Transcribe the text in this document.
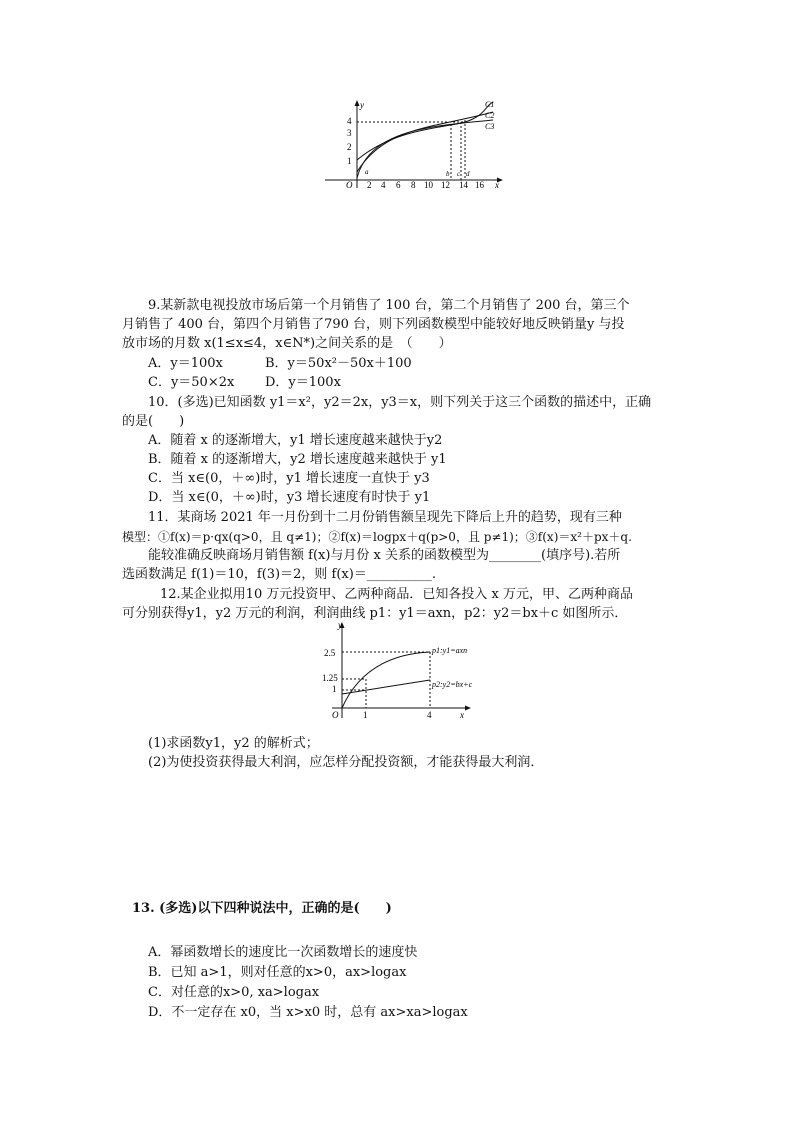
y
x
O
1
2
3
4
2 4 6 8 10 12 14 16
C1
C2
C3
a	b c d
9.某新款电视投放市场后第一个月销售了 100 台，第二个月销售了 200 台，第三个
月销售了 400 台，第四个月销售了790 台，则下列函数模型中能较好地反映销量y 与投
放市场的月数 x(1≤x≤4，x∈N*)之间关系的是　（　　）
A．y＝100x	B．y＝50x²－50x＋100
C．y＝50×2x D．y＝100x
10．(多选)已知函数 y1＝x²，y2＝2x，y3＝x，则下列关于这三个函数的描述中，正确
的是(　　)
A．随着 x 的逐渐增大，y1 增长速度越来越快于y2
B．随着 x 的逐渐增大，y2 增长速度越来越快于 y1
C．当 x∈(0，＋∞)时，y1 增长速度一直快于 y3
D．当 x∈(0，＋∞)时，y3 增长速度有时快于 y1
11．某商场 2021 年一月份到十二月份销售额呈现先下降后上升的趋势，现有三种
模型：①f(x)＝p·qx(q>0，且 q≠1)；②f(x)＝logpx＋q(p>0，且 p≠1)；③f(x)＝x²＋px＋q.
能较准确反映商场月销售额 f(x)与月份 x 关系的函数模型为________(填序号).若所
选函数满足 f(1)＝10，f(3)＝2，则 f(x)＝__________.
12.某企业拟用10 万元投资甲、乙两种商品．已知各投入 x 万元，甲、乙两种商品
可分别获得y1，y2 万元的利润，利润曲线 p1：y1＝axn，p2：y2＝bx＋c 如图所示．
y
x
O
2.5
1.25
1
1	4
p1:y1=axn
p2:y2=bx+c
(1)求函数y1，y2 的解析式；
(2)为使投资获得最大利润，应怎样分配投资额，才能获得最大利润．
13. (多选)以下四种说法中，正确的是(　　)
A．幂函数增长的速度比一次函数增长的速度快
B．已知 a>1，则对任意的x>0，ax>logax
C．对任意的x>0, xa>logax
D．不一定存在 x0，当 x>x0 时，总有 ax>xa>logax
